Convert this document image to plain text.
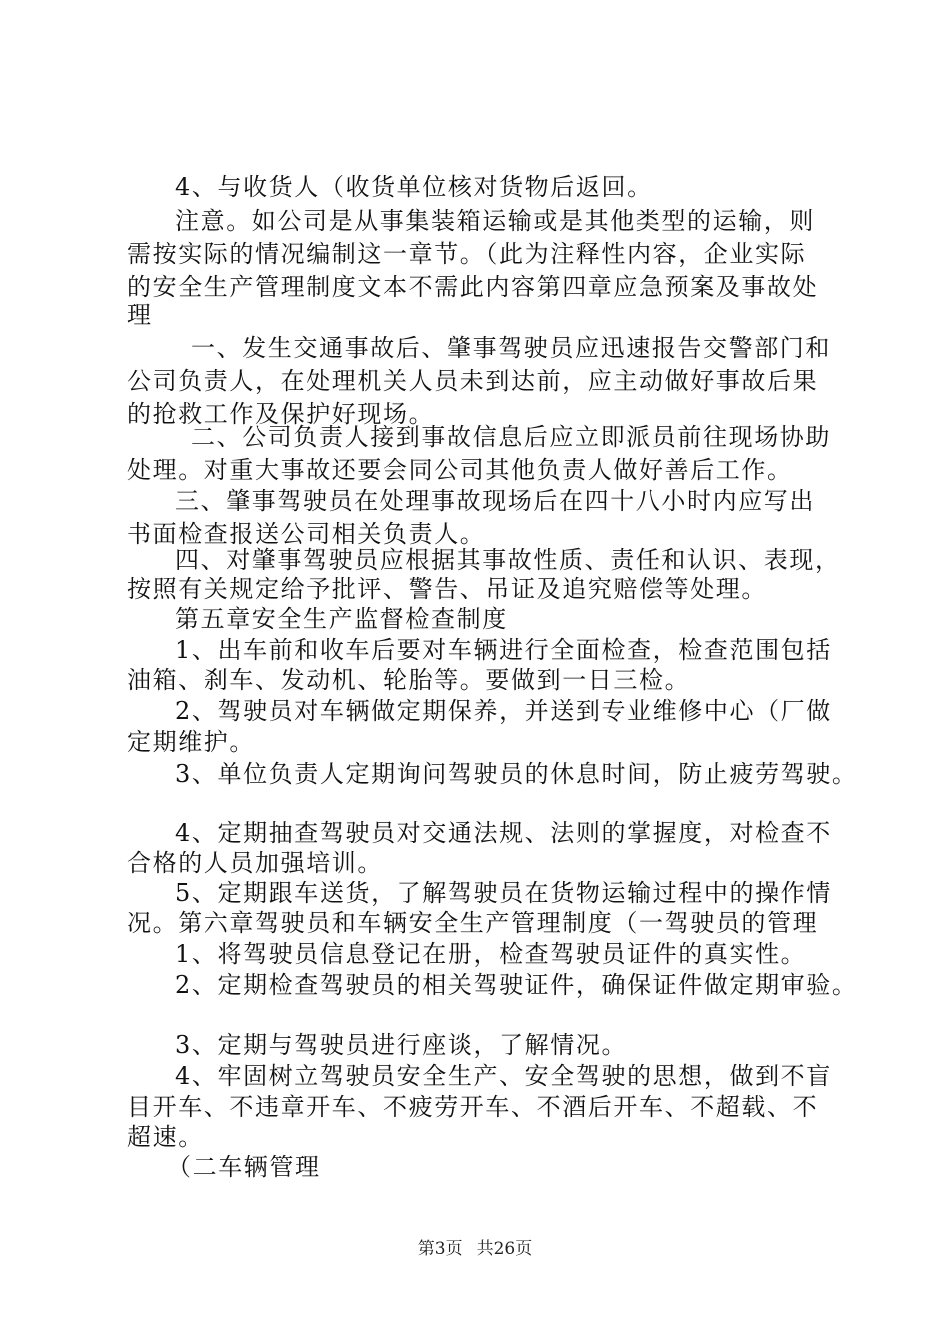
4、与收货人（收货单位核对货物后返回。
注意。如公司是从事集装箱运输或是其他类型的运输，则
需按实际的情况编制这一章节。（此为注释性内容，企业实际
的安全生产管理制度文本不需此内容第四章应急预案及事故处
理
一、发生交通事故后、肇事驾驶员应迅速报告交警部门和
公司负责人，在处理机关人员未到达前，应主动做好事故后果
的抢救工作及保护好现场。
二、公司负责人接到事故信息后应立即派员前往现场协助
处理。对重大事故还要会同公司其他负责人做好善后工作。
三、肇事驾驶员在处理事故现场后在四十八小时内应写出
书面检查报送公司相关负责人。
四、对肇事驾驶员应根据其事故性质、责任和认识、表现，
按照有关规定给予批评、警告、吊证及追究赔偿等处理。
第五章安全生产监督检查制度
1、出车前和收车后要对车辆进行全面检查，检查范围包括
油箱、刹车、发动机、轮胎等。要做到一日三检。
2、驾驶员对车辆做定期保养，并送到专业维修中心（厂做
定期维护。
3、单位负责人定期询问驾驶员的休息时间，防止疲劳驾驶。
4、定期抽查驾驶员对交通法规、法则的掌握度，对检查不
合格的人员加强培训。
5、定期跟车送货，了解驾驶员在货物运输过程中的操作情
况。第六章驾驶员和车辆安全生产管理制度（一驾驶员的管理
1、将驾驶员信息登记在册，检查驾驶员证件的真实性。
2、定期检查驾驶员的相关驾驶证件，确保证件做定期审验。
3、定期与驾驶员进行座谈，了解情况。
4、牢固树立驾驶员安全生产、安全驾驶的思想，做到不盲
目开车、不违章开车、不疲劳开车、不酒后开车、不超载、不
超速。
（二车辆管理
第3页 共26页
